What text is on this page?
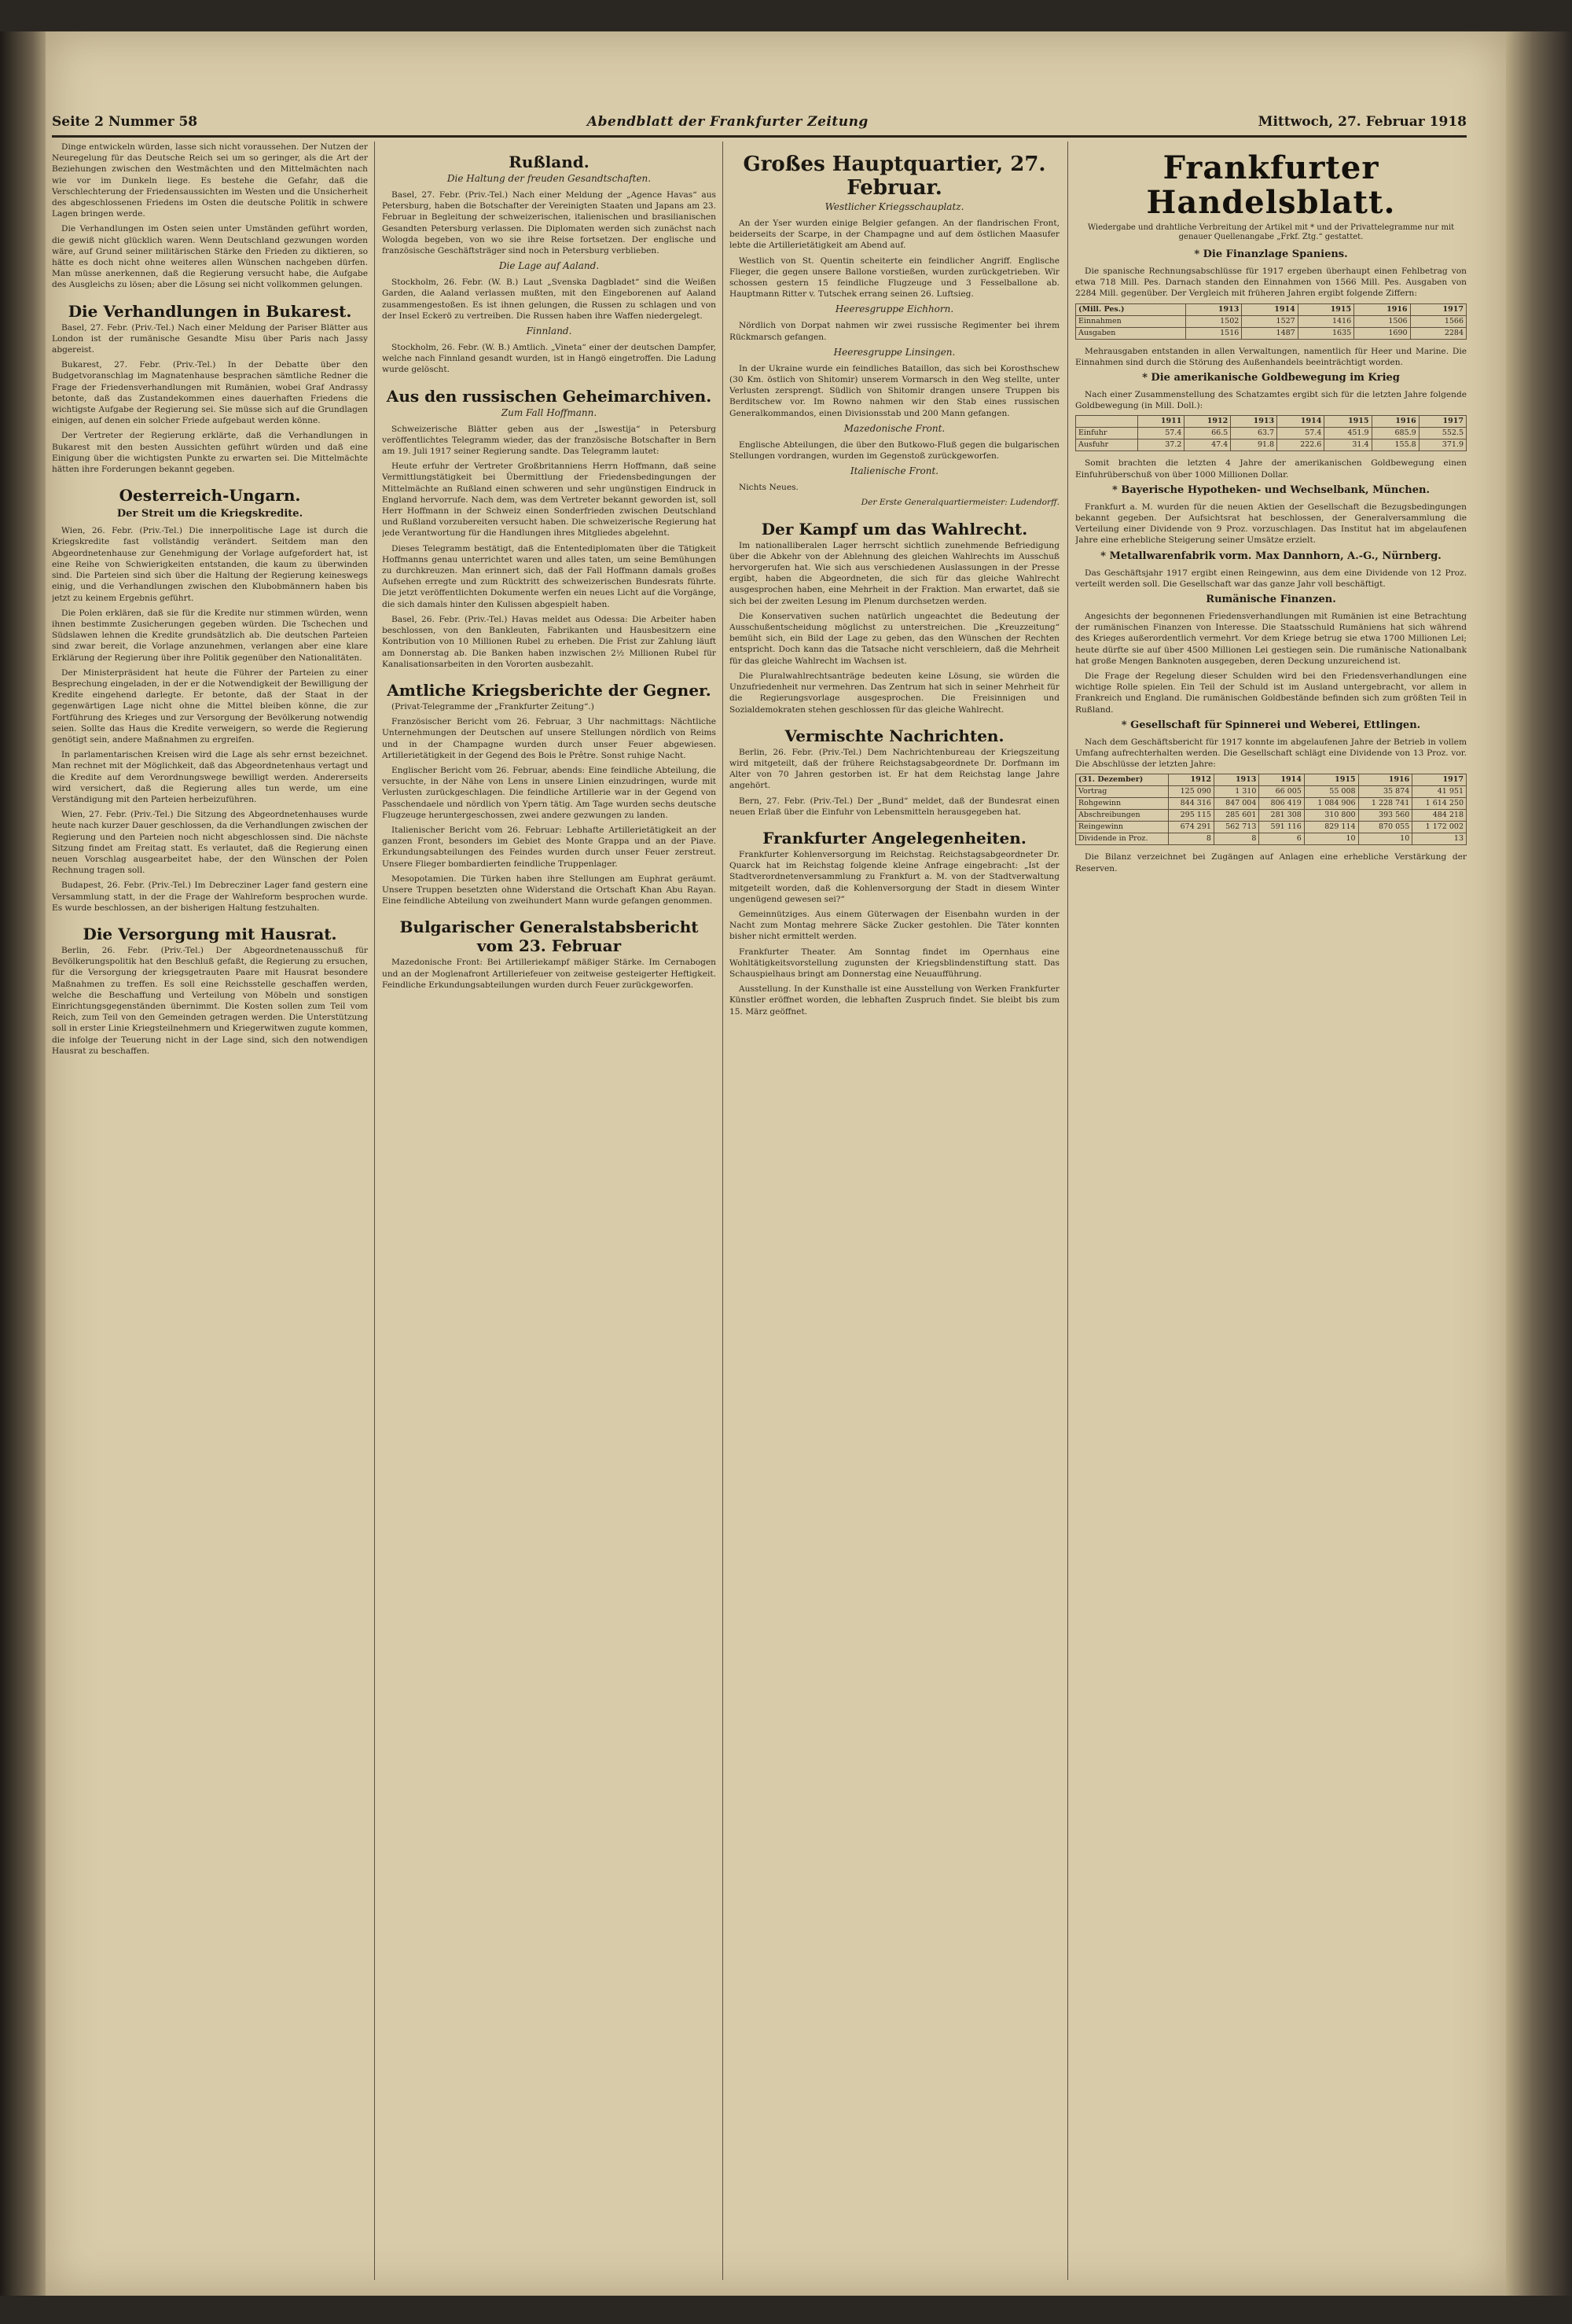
Seite 2 Nummer 58	Abendblatt der Frankfurter Zeitung	Mittwoch, 27. Februar 1918

Dinge entwickeln würden, lasse sich nicht voraussehen. Der Nutzen der Neuregelung für das Deutsche Reich sei um so geringer, als die Art der Beziehungen zwischen den Westmächten und den Mittelmächten nach wie vor im Dunkeln liege. Es bestehe die Gefahr, daß die Verschlechterung der Friedensaussichten im Westen und die Unsicherheit des abgeschlossenen Friedens im Osten die deutsche Politik in schwere Lagen bringen werde.

Die Verhandlungen im Osten seien unter Umständen geführt worden, die gewiß nicht glücklich waren. Wenn Deutschland gezwungen worden wäre, auf Grund seiner militärischen Stärke den Frieden zu diktieren, so hätte es doch nicht ohne weiteres allen Wünschen nachgeben dürfen. Man müsse anerkennen, daß die Regierung versucht habe, die Aufgabe des Ausgleichs zu lösen; aber die Lösung sei nicht vollkommen gelungen.

Die Verhandlungen in Bukarest.

Basel, 27. Febr. (Priv.-Tel.) Nach einer Meldung der Pariser Blätter aus London ist der rumänische Gesandte Misu über Paris nach Jassy abgereist.

Bukarest, 27. Febr. (Priv.-Tel.) In der Debatte über den Budgetvoranschlag im Magnatenhause besprachen sämtliche Redner die Frage der Friedensverhandlungen mit Rumänien, wobei Graf Andrassy betonte, daß das Zustandekommen eines dauerhaften Friedens die wichtigste Aufgabe der Regierung sei. Sie müsse sich auf die Grundlagen einigen, auf denen ein solcher Friede aufgebaut werden könne.

Der Vertreter der Regierung erklärte, daß die Verhandlungen in Bukarest mit den besten Aussichten geführt würden und daß eine Einigung über die wichtigsten Punkte zu erwarten sei. Die Mittelmächte hätten ihre Forderungen bekannt gegeben.

Oesterreich-Ungarn.
Der Streit um die Kriegskredite.

Wien, 26. Febr. (Priv.-Tel.) Die innerpolitische Lage ist durch die Kriegskredite fast vollständig verändert. Seitdem man den Abgeordnetenhause zur Genehmigung der Vorlage aufgefordert hat, ist eine Reihe von Schwierigkeiten entstanden, die kaum zu überwinden sind. Die Parteien sind sich über die Haltung der Regierung keineswegs einig, und die Verhandlungen zwischen den Klubobmännern haben bis jetzt zu keinem Ergebnis geführt.

Die Polen erklären, daß sie für die Kredite nur stimmen würden, wenn ihnen bestimmte Zusicherungen gegeben würden. Die Tschechen und Südslawen lehnen die Kredite grundsätzlich ab. Die deutschen Parteien sind zwar bereit, die Vorlage anzunehmen, verlangen aber eine klare Erklärung der Regierung über ihre Politik gegenüber den Nationalitäten.

Der Ministerpräsident hat heute die Führer der Parteien zu einer Besprechung eingeladen, in der er die Notwendigkeit der Bewilligung der Kredite eingehend darlegte. Er betonte, daß der Staat in der gegenwärtigen Lage nicht ohne die Mittel bleiben könne, die zur Fortführung des Krieges und zur Versorgung der Bevölkerung notwendig seien. Sollte das Haus die Kredite verweigern, so werde die Regierung genötigt sein, andere Maßnahmen zu ergreifen.

In parlamentarischen Kreisen wird die Lage als sehr ernst bezeichnet. Man rechnet mit der Möglichkeit, daß das Abgeordnetenhaus vertagt und die Kredite auf dem Verordnungswege bewilligt werden. Andererseits wird versichert, daß die Regierung alles tun werde, um eine Verständigung mit den Parteien herbeizuführen.

Wien, 27. Febr. (Priv.-Tel.) Die Sitzung des Abgeordnetenhauses wurde heute nach kurzer Dauer geschlossen, da die Verhandlungen zwischen der Regierung und den Parteien noch nicht abgeschlossen sind. Die nächste Sitzung findet am Freitag statt. Es verlautet, daß die Regierung einen neuen Vorschlag ausgearbeitet habe, der den Wünschen der Polen Rechnung tragen soll.

Budapest, 26. Febr. (Priv.-Tel.) Im Debrecziner Lager fand gestern eine Versammlung statt, in der die Frage der Wahlreform besprochen wurde. Es wurde beschlossen, an der bisherigen Haltung festzuhalten.

Die Versorgung mit Hausrat.

Berlin, 26. Febr. (Priv.-Tel.) Der Abgeordnetenausschuß für Bevölkerungspolitik hat den Beschluß gefaßt, die Regierung zu ersuchen, für die Versorgung der kriegsgetrauten Paare mit Hausrat besondere Maßnahmen zu treffen. Es soll eine Reichsstelle geschaffen werden, welche die Beschaffung und Verteilung von Möbeln und sonstigen Einrichtungsgegenständen übernimmt. Die Kosten sollen zum Teil vom Reich, zum Teil von den Gemeinden getragen werden. Die Unterstützung soll in erster Linie Kriegsteilnehmern und Kriegerwitwen zugute kommen, die infolge der Teuerung nicht in der Lage sind, sich den notwendigen Hausrat zu beschaffen.

Rußland.
Die Haltung der freuden Gesandtschaften.

Basel, 27. Febr. (Priv.-Tel.) Nach einer Meldung der „Agence Havas“ aus Petersburg, haben die Botschafter der Vereinigten Staaten und Japans am 23. Februar in Begleitung der schweizerischen, italienischen und brasilianischen Gesandten Petersburg verlassen. Die Diplomaten werden sich zunächst nach Wologda begeben, von wo sie ihre Reise fortsetzen. Der englische und französische Geschäftsträger sind noch in Petersburg verblieben.

Die Lage auf Aaland.

Stockholm, 26. Febr. (W. B.) Laut „Svenska Dagbladet“ sind die Weißen Garden, die Aaland verlassen mußten, mit den Eingeborenen auf Aaland zusammengestoßen. Es ist ihnen gelungen, die Russen zu schlagen und von der Insel Eckerö zu vertreiben. Die Russen haben ihre Waffen niedergelegt.

Finnland.

Stockholm, 26. Febr. (W. B.) Amtlich. „Vineta“ einer der deutschen Dampfer, welche nach Finnland gesandt wurden, ist in Hangö eingetroffen. Die Ladung wurde gelöscht.

Aus den russischen Geheimarchiven.
Zum Fall Hoffmann.

Schweizerische Blätter geben aus der „Iswestija“ in Petersburg veröffentlichtes Telegramm wieder, das der französische Botschafter in Bern am 19. Juli 1917 seiner Regierung sandte. Das Telegramm lautet:

Heute erfuhr der Vertreter Großbritanniens Herrn Hoffmann, daß seine Vermittlungstätigkeit bei Übermittlung der Friedensbedingungen der Mittelmächte an Rußland einen schweren und sehr ungünstigen Eindruck in England hervorrufe. Nach dem, was dem Vertreter bekannt geworden ist, soll Herr Hoffmann in der Schweiz einen Sonderfrieden zwischen Deutschland und Rußland vorzubereiten versucht haben. Die schweizerische Regierung hat jede Verantwortung für die Handlungen ihres Mitgliedes abgelehnt.

Dieses Telegramm bestätigt, daß die Ententediplomaten über die Tätigkeit Hoffmanns genau unterrichtet waren und alles taten, um seine Bemühungen zu durchkreuzen. Man erinnert sich, daß der Fall Hoffmann damals großes Aufsehen erregte und zum Rücktritt des schweizerischen Bundesrats führte. Die jetzt veröffentlichten Dokumente werfen ein neues Licht auf die Vorgänge, die sich damals hinter den Kulissen abgespielt haben.

Basel, 26. Febr. (Priv.-Tel.) Havas meldet aus Odessa: Die Arbeiter haben beschlossen, von den Bankleuten, Fabrikanten und Hausbesitzern eine Kontribution von 10 Millionen Rubel zu erheben. Die Frist zur Zahlung läuft am Donnerstag ab. Die Banken haben inzwischen 2½ Millionen Rubel für Kanalisationsarbeiten in den Vororten ausbezahlt.

Amtliche Kriegsberichte der Gegner.

(Privat-Telegramme der „Frankfurter Zeitung“.)

Französischer Bericht vom 26. Februar, 3 Uhr nachmittags: Nächtliche Unternehmungen der Deutschen auf unsere Stellungen nördlich von Reims und in der Champagne wurden durch unser Feuer abgewiesen. Artillerietätigkeit in der Gegend des Bois le Prêtre. Sonst ruhige Nacht.

Englischer Bericht vom 26. Februar, abends: Eine feindliche Abteilung, die versuchte, in der Nähe von Lens in unsere Linien einzudringen, wurde mit Verlusten zurückgeschlagen. Die feindliche Artillerie war in der Gegend von Passchendaele und nördlich von Ypern tätig. Am Tage wurden sechs deutsche Flugzeuge heruntergeschossen, zwei andere gezwungen zu landen.

Italienischer Bericht vom 26. Februar: Lebhafte Artillerietätigkeit an der ganzen Front, besonders im Gebiet des Monte Grappa und an der Piave. Erkundungsabteilungen des Feindes wurden durch unser Feuer zerstreut. Unsere Flieger bombardierten feindliche Truppenlager.

Mesopotamien. Die Türken haben ihre Stellungen am Euphrat geräumt. Unsere Truppen besetzten ohne Widerstand die Ortschaft Khan Abu Rayan. Eine feindliche Abteilung von zweihundert Mann wurde gefangen genommen.

Bulgarischer Generalstabsbericht vom 23. Februar

Mazedonische Front: Bei Artilleriekampf mäßiger Stärke. Im Cernabogen und an der Moglenafront Artilleriefeuer von zeitweise gesteigerter Heftigkeit. Feindliche Erkundungsabteilungen wurden durch Feuer zurückgeworfen.

Großes Hauptquartier, 27. Februar.
Westlicher Kriegsschauplatz.

An der Yser wurden einige Belgier gefangen. An der flandrischen Front, beiderseits der Scarpe, in der Champagne und auf dem östlichen Maasufer lebte die Artillerietätigkeit am Abend auf.

Westlich von St. Quentin scheiterte ein feindlicher Angriff. Englische Flieger, die gegen unsere Ballone vorstießen, wurden zurückgetrieben. Wir schossen gestern 15 feindliche Flugzeuge und 3 Fesselballone ab. Hauptmann Ritter v. Tutschek errang seinen 26. Luftsieg.

Heeresgruppe Eichhorn.

Nördlich von Dorpat nahmen wir zwei russische Regimenter bei ihrem Rückmarsch gefangen.

Heeresgruppe Linsingen.

In der Ukraine wurde ein feindliches Bataillon, das sich bei Korosthschew (30 Km. östlich von Shitomir) unserem Vormarsch in den Weg stellte, unter Verlusten zersprengt. Südlich von Shitomir drangen unsere Truppen bis Berditschew vor. Im Rowno nahmen wir den Stab eines russischen Generalkommandos, einen Divisionsstab und 200 Mann gefangen.

Mazedonische Front.

Englische Abteilungen, die über den Butkowo-Fluß gegen die bulgarischen Stellungen vordrangen, wurden im Gegenstoß zurückgeworfen.

Italienische Front.

Nichts Neues.

Der Erste Generalquartiermeister: Ludendorff.

Der Kampf um das Wahlrecht.

Im nationalliberalen Lager herrscht sichtlich zunehmende Befriedigung über die Abkehr von der Ablehnung des gleichen Wahlrechts im Ausschuß hervorgerufen hat. Wie sich aus verschiedenen Auslassungen in der Presse ergibt, haben die Abgeordneten, die sich für das gleiche Wahlrecht ausgesprochen haben, eine Mehrheit in der Fraktion. Man erwartet, daß sie sich bei der zweiten Lesung im Plenum durchsetzen werden.

Die Konservativen suchen natürlich ungeachtet die Bedeutung der Ausschußentscheidung möglichst zu unterstreichen. Die „Kreuzzeitung“ bemüht sich, ein Bild der Lage zu geben, das den Wünschen der Rechten entspricht. Doch kann das die Tatsache nicht verschleiern, daß die Mehrheit für das gleiche Wahlrecht im Wachsen ist.

Die Pluralwahlrechtsanträge bedeuten keine Lösung, sie würden die Unzufriedenheit nur vermehren. Das Zentrum hat sich in seiner Mehrheit für die Regierungsvorlage ausgesprochen. Die Freisinnigen und Sozialdemokraten stehen geschlossen für das gleiche Wahlrecht.

Vermischte Nachrichten.

Berlin, 26. Febr. (Priv.-Tel.) Dem Nachrichtenbureau der Kriegszeitung wird mitgeteilt, daß der frühere Reichstagsabgeordnete Dr. Dorfmann im Alter von 70 Jahren gestorben ist. Er hat dem Reichstag lange Jahre angehört.

Bern, 27. Febr. (Priv.-Tel.) Der „Bund“ meldet, daß der Bundesrat einen neuen Erlaß über die Einfuhr von Lebensmitteln herausgegeben hat.

Frankfurter Angelegenheiten.

Frankfurter Kohlenversorgung im Reichstag. Reichstagsabgeordneter Dr. Quarck hat im Reichstag folgende kleine Anfrage eingebracht: „Ist der Stadtverordnetenversammlung zu Frankfurt a. M. von der Stadtverwaltung mitgeteilt worden, daß die Kohlenversorgung der Stadt in diesem Winter ungenügend gewesen sei?“

Gemeinnütziges. Aus einem Güterwagen der Eisenbahn wurden in der Nacht zum Montag mehrere Säcke Zucker gestohlen. Die Täter konnten bisher nicht ermittelt werden.

Frankfurter Theater. Am Sonntag findet im Opernhaus eine Wohltätigkeitsvorstellung zugunsten der Kriegsblindenstiftung statt. Das Schauspielhaus bringt am Donnerstag eine Neuaufführung.

Ausstellung. In der Kunsthalle ist eine Ausstellung von Werken Frankfurter Künstler eröffnet worden, die lebhaften Zuspruch findet. Sie bleibt bis zum 15. März geöffnet.

Frankfurter Handelsblatt.
Wiedergabe und drahtliche Verbreitung der Artikel mit * und der Privattelegramme nur mit genauer Quellenangabe „Frkf. Ztg.“ gestattet.
* Die Finanzlage Spaniens.

Die spanische Rechnungsabschlüsse für 1917 ergeben überhaupt einen Fehlbetrag von etwa 718 Mill. Pes. Darnach standen den Einnahmen von 1566 Mill. Pes. Ausgaben von 2284 Mill. gegenüber. Der Vergleich mit früheren Jahren ergibt folgende Ziffern:

(Mill. Pes.)	1913	1914	1915	1916	1917
Einnahmen	1502	1527	1416	1506	1566
Ausgaben	1516	1487	1635	1690	2284

Mehrausgaben entstanden in allen Verwaltungen, namentlich für Heer und Marine. Die Einnahmen sind durch die Störung des Außenhandels beeinträchtigt worden.

* Die amerikanische Goldbewegung im Krieg

Nach einer Zusammenstellung des Schatzamtes ergibt sich für die letzten Jahre folgende Goldbewegung (in Mill. Doll.):

	1911	1912	1913	1914	1915	1916	1917
Einfuhr	57.4	66.5	63.7	57.4	451.9	685.9	552.5
Ausfuhr	37.2	47.4	91.8	222.6	31.4	155.8	371.9

Somit brachten die letzten 4 Jahre der amerikanischen Goldbewegung einen Einfuhrüberschuß von über 1000 Millionen Dollar.

* Bayerische Hypotheken- und Wechselbank, München.

Frankfurt a. M. wurden für die neuen Aktien der Gesellschaft die Bezugsbedingungen bekannt gegeben. Der Aufsichtsrat hat beschlossen, der Generalversammlung die Verteilung einer Dividende von 9 Proz. vorzuschlagen. Das Institut hat im abgelaufenen Jahre eine erhebliche Steigerung seiner Umsätze erzielt.

* Metallwarenfabrik vorm. Max Dannhorn, A.-G., Nürnberg.

Das Geschäftsjahr 1917 ergibt einen Reingewinn, aus dem eine Dividende von 12 Proz. verteilt werden soll. Die Gesellschaft war das ganze Jahr voll beschäftigt.

Rumänische Finanzen.

Angesichts der begonnenen Friedensverhandlungen mit Rumänien ist eine Betrachtung der rumänischen Finanzen von Interesse. Die Staatsschuld Rumäniens hat sich während des Krieges außerordentlich vermehrt. Vor dem Kriege betrug sie etwa 1700 Millionen Lei; heute dürfte sie auf über 4500 Millionen Lei gestiegen sein. Die rumänische Nationalbank hat große Mengen Banknoten ausgegeben, deren Deckung unzureichend ist.

Die Frage der Regelung dieser Schulden wird bei den Friedensverhandlungen eine wichtige Rolle spielen. Ein Teil der Schuld ist im Ausland untergebracht, vor allem in Frankreich und England. Die rumänischen Goldbestände befinden sich zum größten Teil in Rußland.

* Gesellschaft für Spinnerei und Weberei, Ettlingen.

Nach dem Geschäftsbericht für 1917 konnte im abgelaufenen Jahre der Betrieb in vollem Umfang aufrechterhalten werden. Die Gesellschaft schlägt eine Dividende von 13 Proz. vor. Die Abschlüsse der letzten Jahre:

(31. Dezember)	1912	1913	1914	1915	1916	1917
Vortrag	125 090	1 310	66 005	55 008	35 874	41 951
Rohgewinn	844 316	847 004	806 419	1 084 906	1 228 741	1 614 250
Abschreibungen	295 115	285 601	281 308	310 800	393 560	484 218
Reingewinn	674 291	562 713	591 116	829 114	870 055	1 172 002
Dividende in Proz.	8	8	6	10	10	13

Die Bilanz verzeichnet bei Zugängen auf Anlagen eine erhebliche Verstärkung der Reserven.
